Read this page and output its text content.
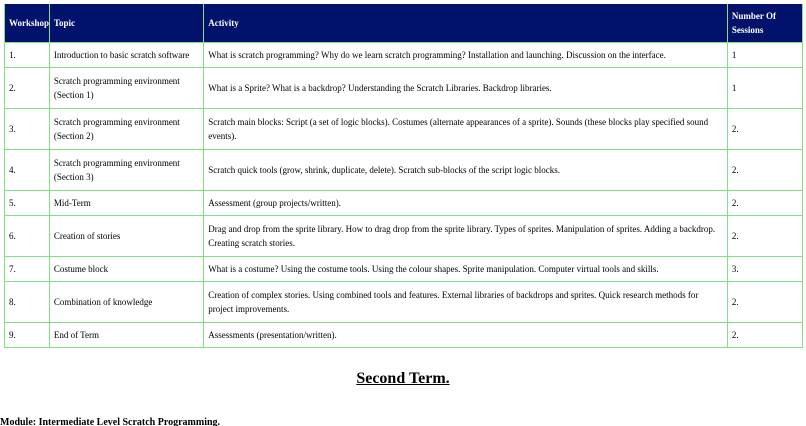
Workshop	Topic	Activity	Number Of Sessions
1.	Introduction to basic scratch software	What is scratch programming? Why do we learn scratch programming? Installation and launching. Discussion on the interface.	1
2.	Scratch programming environment (Section 1)	What is a Sprite? What is a backdrop? Understanding the Scratch Libraries. Backdrop libraries.	1
3.	Scratch programming environment (Section 2)	Scratch main blocks: Script (a set of logic blocks). Costumes (alternate appearances of a sprite). Sounds (these blocks play specified sound events).	2.
4.	Scratch programming environment (Section 3)	Scratch quick tools (grow, shrink, duplicate, delete). Scratch sub-blocks of the script logic blocks.	2.
5.	Mid-Term	Assessment (group projects/written).	2.
6.	Creation of stories	Drag and drop from the sprite library. How to drag drop from the sprite library. Types of sprites. Manipulation of sprites. Adding a backdrop. Creating scratch stories.	2.
7.	Costume block	What is a costume? Using the costume tools. Using the colour shapes. Sprite manipulation. Computer virtual tools and skills.	3.
8.	Combination of knowledge	Creation of complex stories. Using combined tools and features. External libraries of backdrops and sprites. Quick research methods for project improvements.	2.
9.	End of Term	Assessments (presentation/written).	2.
Second Term.
Module: Intermediate Level Scratch Programming.
